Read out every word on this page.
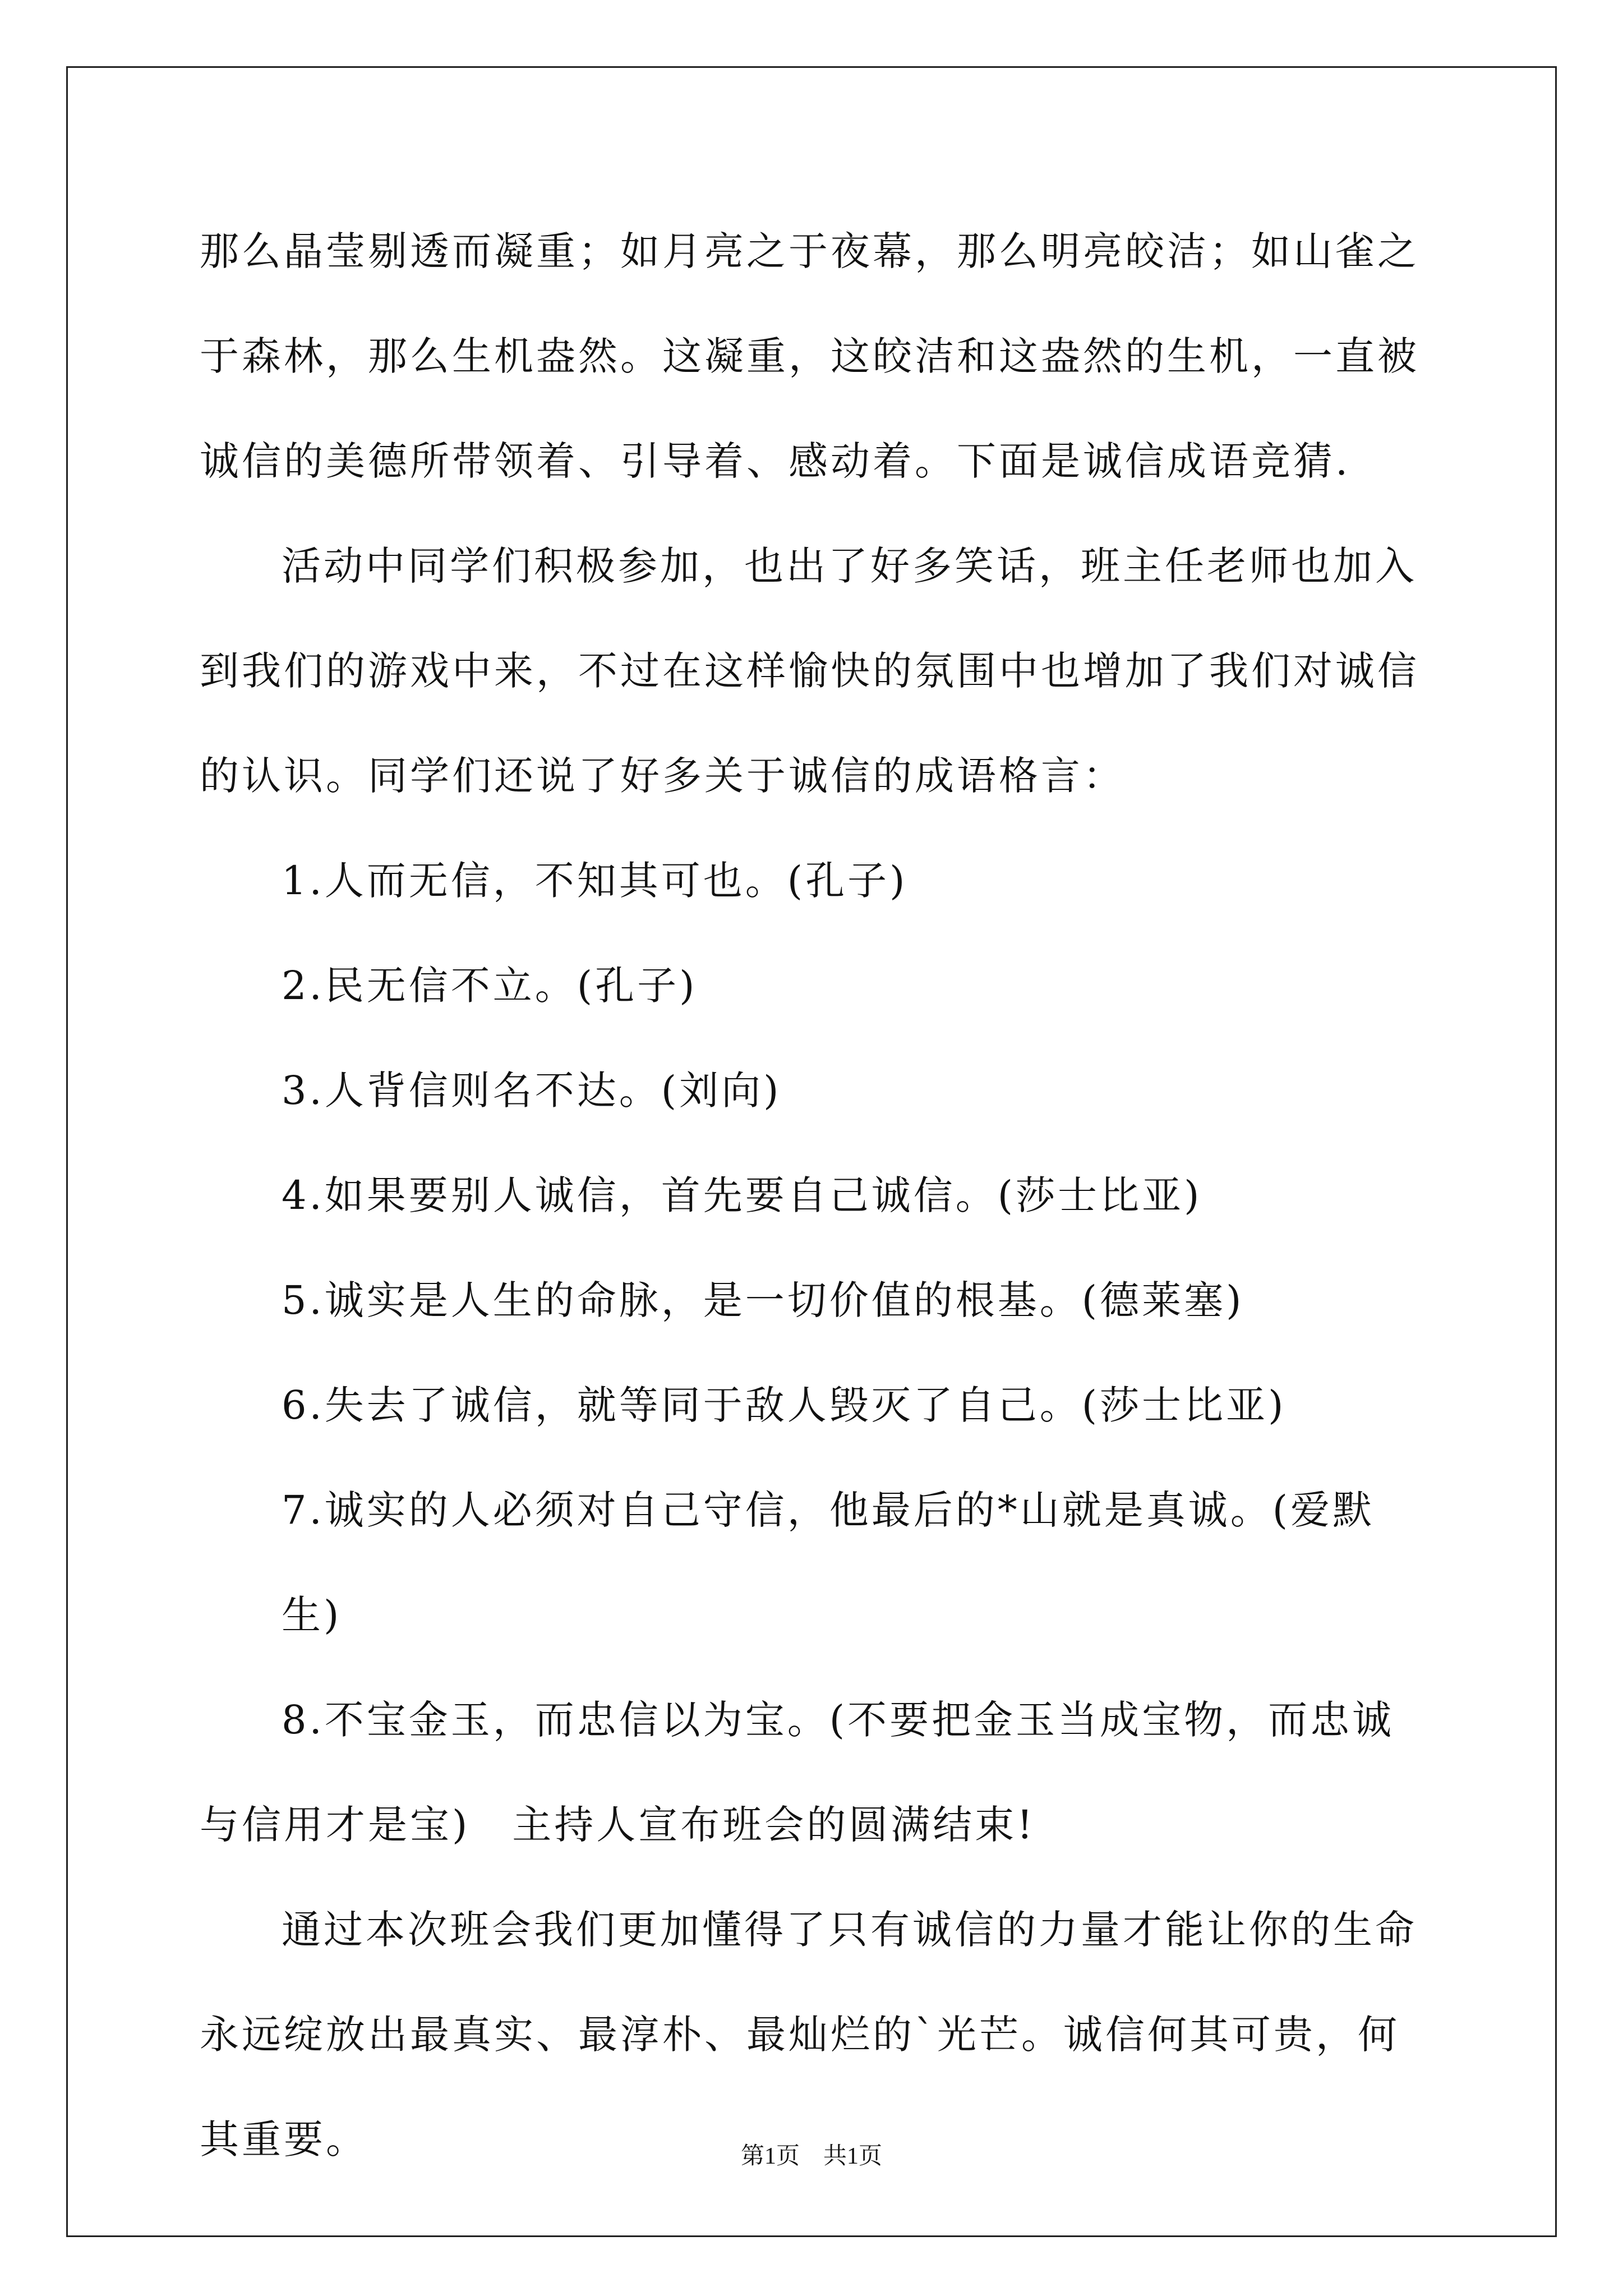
那么晶莹剔透而凝重；如月亮之于夜幕，那么明亮皎洁；如山雀之于森林，那么生机盎然。这凝重，这皎洁和这盎然的生机，一直被诚信的美德所带领着、引导着、感动着。下面是诚信成语竞猜.

活动中同学们积极参加，也出了好多笑话，班主任老师也加入到我们的游戏中来，不过在这样愉快的氛围中也增加了我们对诚信的认识。同学们还说了好多关于诚信的成语格言：

1.人而无信，不知其可也。(孔子)

2.民无信不立。(孔子)

3.人背信则名不达。(刘向)

4.如果要别人诚信，首先要自己诚信。(莎士比亚)

5.诚实是人生的命脉，是一切价值的根基。(德莱塞)

6.失去了诚信，就等同于敌人毁灭了自己。(莎士比亚)

7.诚实的人必须对自己守信，他最后的*山就是真诚。(爱默生)

8.不宝金玉，而忠信以为宝。(不要把金玉当成宝物，而忠诚与信用才是宝)　主持人宣布班会的圆满结束!

通过本次班会我们更加懂得了只有诚信的力量才能让你的生命永远绽放出最真实、最淳朴、最灿烂的`光芒。诚信何其可贵，何其重要。	第1页　共1页
